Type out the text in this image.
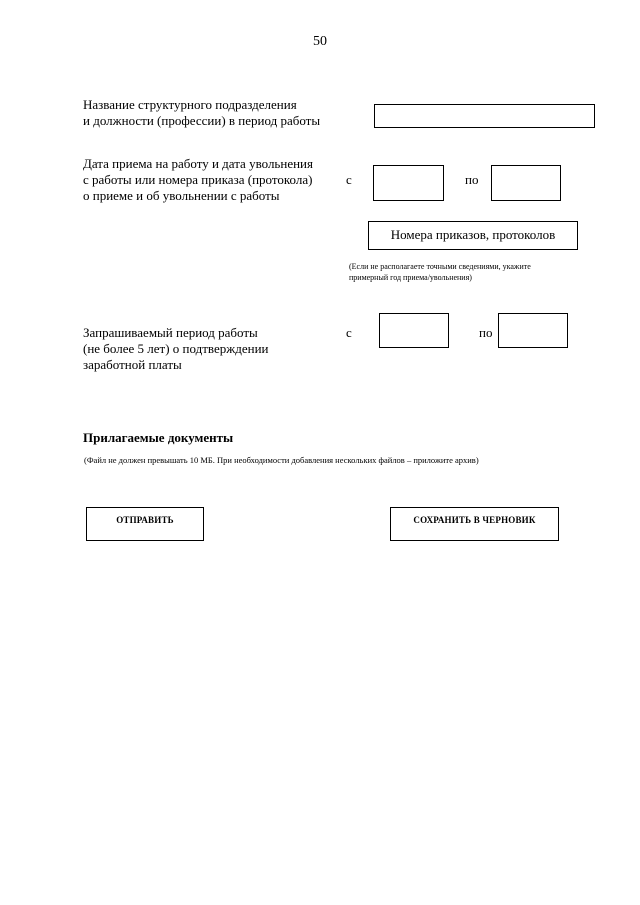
50
Название структурного подразделения
и должности (профессии) в период работы
Дата приема на работу и дата увольнения
с работы или номера приказа (протокола)
о приеме и об увольнении с работы
с	по
Номера приказов, протоколов
(Если не располагаете точными сведениями, укажите
примерный год приема/увольнения)
Запрашиваемый период работы
(не более 5 лет) о подтверждении
заработной платы
с	по
Прилагаемые документы
(Файл не должен превышать 10 МБ. При необходимости добавления нескольких файлов – приложите архив)
ОТПРАВИТЬ	СОХРАНИТЬ В ЧЕРНОВИК
